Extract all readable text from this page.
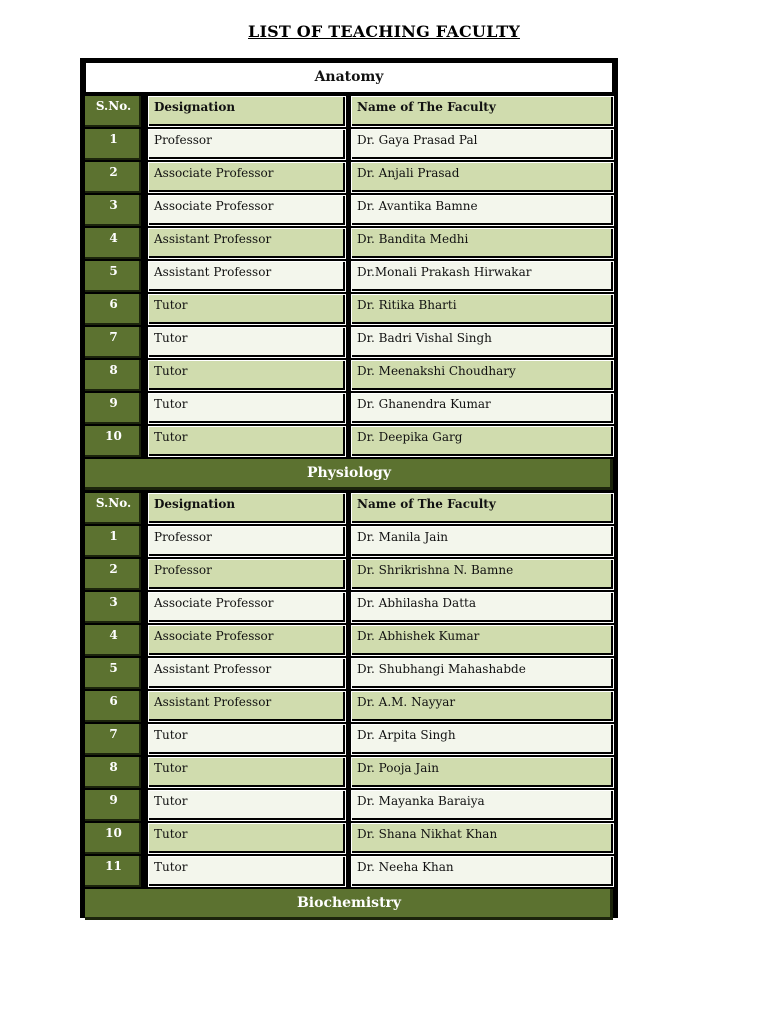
LIST OF TEACHING FACULTY
Anatomy
S.No.	Designation	Name of The Faculty
1	Professor	Dr. Gaya Prasad Pal
2	Associate Professor	Dr. Anjali Prasad
3	Associate Professor	Dr. Avantika Bamne
4	Assistant Professor	Dr. Bandita Medhi
5	Assistant Professor	Dr.Monali Prakash Hirwakar
6	Tutor	Dr. Ritika Bharti
7	Tutor	Dr. Badri Vishal Singh
8	Tutor	Dr. Meenakshi Choudhary
9	Tutor	Dr. Ghanendra Kumar
10	Tutor	Dr. Deepika Garg
Physiology
S.No.	Designation	Name of The Faculty
1	Professor	Dr. Manila Jain
2	Professor	Dr. Shrikrishna N. Bamne
3	Associate Professor	Dr. Abhilasha Datta
4	Associate Professor	Dr. Abhishek Kumar
5	Assistant Professor	Dr. Shubhangi Mahashabde
6	Assistant Professor	Dr. A.M. Nayyar
7	Tutor	Dr. Arpita Singh
8	Tutor	Dr. Pooja Jain
9	Tutor	Dr. Mayanka Baraiya
10	Tutor	Dr. Shana Nikhat Khan
11	Tutor	Dr. Neeha Khan
Biochemistry
